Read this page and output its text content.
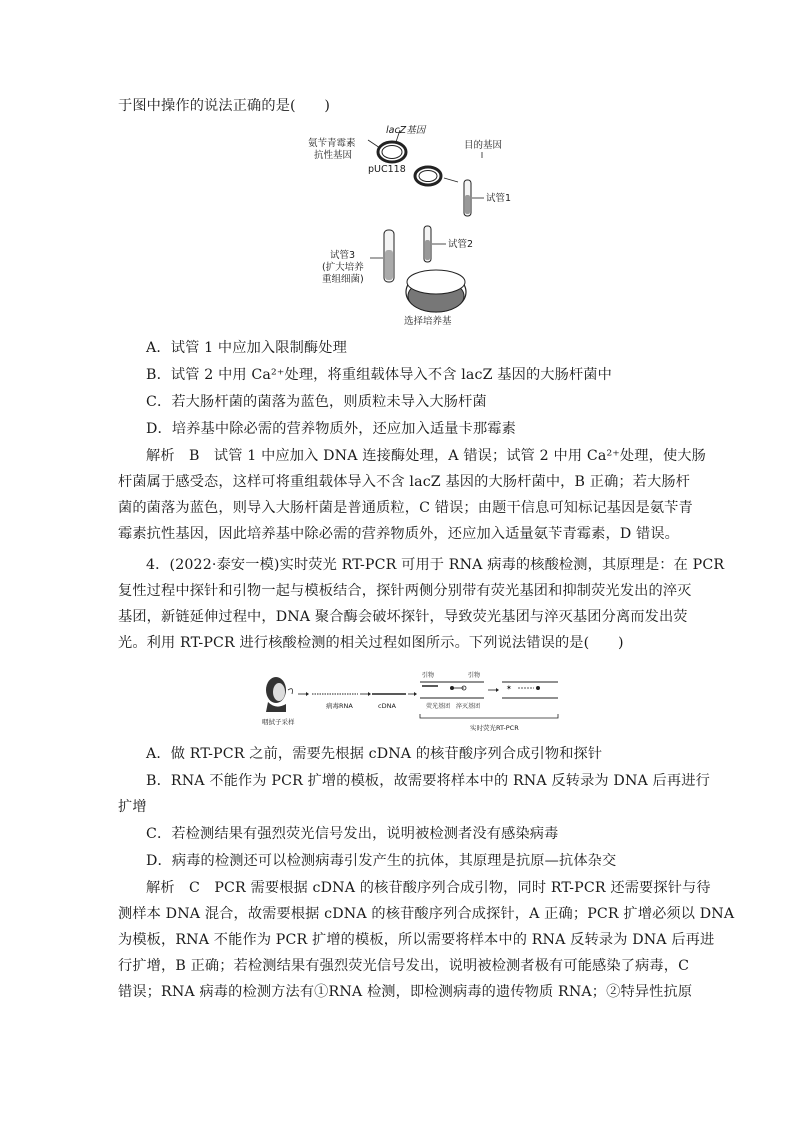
于图中操作的说法正确的是(　　)
氨苄青霉素
抗性基因
lacZ基因
pUC118
目的基因
试管1
试管2
试管3
(扩大培养
重组细菌)
选择培养基
A．试管 1 中应加入限制酶处理
B．试管 2 中用 Ca²⁺处理，将重组载体导入不含 lacZ 基因的大肠杆菌中
C．若大肠杆菌的菌落为蓝色，则质粒未导入大肠杆菌
D．培养基中除必需的营养物质外，还应加入适量卡那霉素
解析　B　试管 1 中应加入 DNA 连接酶处理，A 错误；试管 2 中用 Ca²⁺处理，使大肠
杆菌属于感受态，这样可将重组载体导入不含 lacZ 基因的大肠杆菌中，B 正确；若大肠杆
菌的菌落为蓝色，则导入大肠杆菌是普通质粒，C 错误；由题干信息可知标记基因是氨苄青
霉素抗性基因，因此培养基中除必需的营养物质外，还应加入适量氨苄青霉素，D 错误。
4．(2022·泰安一模)实时荧光 RT-PCR 可用于 RNA 病毒的核酸检测，其原理是：在 PCR
复性过程中探针和引物一起与模板结合，探针两侧分别带有荧光基团和抑制荧光发出的淬灭
基团，新链延伸过程中，DNA 聚合酶会破坏探针，导致荧光基团与淬灭基团分离而发出荧
光。利用 RT-PCR 进行核酸检测的相关过程如图所示。下列说法错误的是(　　)
咽拭子采样
病毒RNA	cDNA
引物	引物
荧光基团 淬灭基团
✶
实时荧光RT-PCR
A．做 RT-PCR 之前，需要先根据 cDNA 的核苷酸序列合成引物和探针
B．RNA 不能作为 PCR 扩增的模板，故需要将样本中的 RNA 反转录为 DNA 后再进行
扩增
C．若检测结果有强烈荧光信号发出，说明被检测者没有感染病毒
D．病毒的检测还可以检测病毒引发产生的抗体，其原理是抗原—抗体杂交
解析　C　PCR 需要根据 cDNA 的核苷酸序列合成引物，同时 RT-PCR 还需要探针与待
测样本 DNA 混合，故需要根据 cDNA 的核苷酸序列合成探针，A 正确；PCR 扩增必须以 DNA
为模板，RNA 不能作为 PCR 扩增的模板，所以需要将样本中的 RNA 反转录为 DNA 后再进
行扩增，B 正确；若检测结果有强烈荧光信号发出，说明被检测者极有可能感染了病毒，C
错误；RNA 病毒的检测方法有①RNA 检测，即检测病毒的遗传物质 RNA；②特异性抗原
